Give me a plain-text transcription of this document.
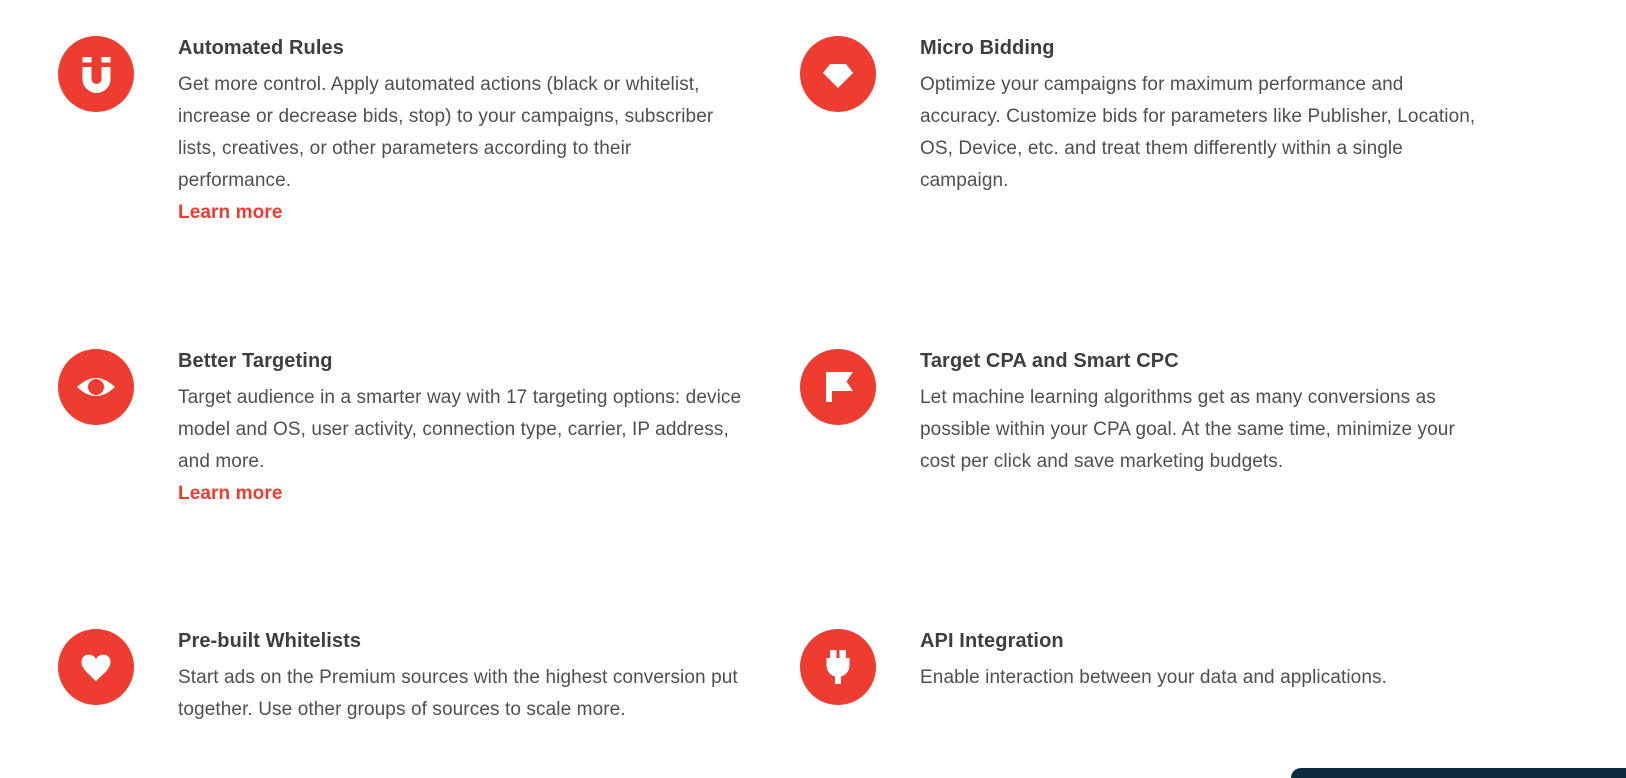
Automated Rules

Get more control. Apply automated actions (black or whitelist, increase or decrease bids, stop) to your campaigns, subscriber lists, creatives, or other parameters according to their performance.

Learn more
Micro Bidding

Optimize your campaigns for maximum performance and accuracy. Customize bids for parameters like Publisher, Location, OS, Device, etc. and treat them differently within a single campaign.

Better Targeting

Target audience in a smarter way with 17 targeting options: device model and OS, user activity, connection type, carrier, IP address, and more.

Learn more
Target CPA and Smart CPC

Let machine learning algorithms get as many conversions as possible within your CPA goal. At the same time, minimize your cost per click and save marketing budgets.

Pre-built Whitelists

Start ads on the Premium sources with the highest conversion put together. Use other groups of sources to scale more.

API Integration

Enable interaction between your data and applications.
